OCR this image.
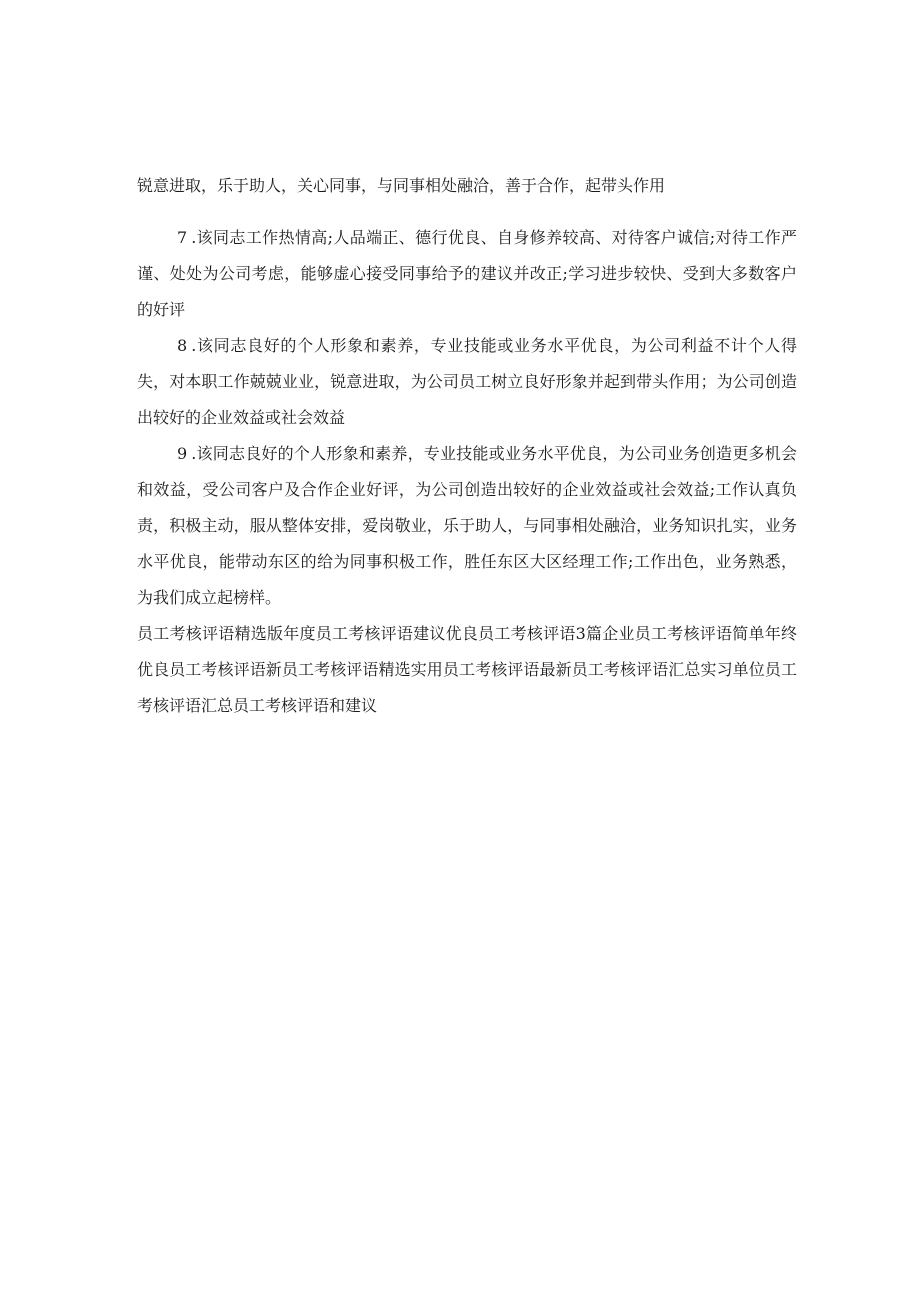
锐意进取，乐于助人，关心同事，与同事相处融洽，善于合作，起带头作用

7.该同志工作热情高;人品端正、德行优良、自身修养较高、对待客户诚信;对待工作严谨、处处为公司考虑，能够虚心接受同事给予的建议并改正;学习进步较快、受到大多数客户的好评

8.该同志良好的个人形象和素养，专业技能或业务水平优良，为公司利益不计个人得失，对本职工作兢兢业业，锐意进取，为公司员工树立良好形象并起到带头作用；为公司创造出较好的企业效益或社会效益

9.该同志良好的个人形象和素养，专业技能或业务水平优良，为公司业务创造更多机会和效益，受公司客户及合作企业好评，为公司创造出较好的企业效益或社会效益;工作认真负责，积极主动，服从整体安排，爱岗敬业，乐于助人，与同事相处融洽，业务知识扎实，业务水平优良，能带动东区的给为同事积极工作，胜任东区大区经理工作;工作出色，业务熟悉，为我们成立起榜样。

员工考核评语精选版年度员工考核评语建议优良员工考核评语3篇企业员工考核评语简单年终优良员工考核评语新员工考核评语精选实用员工考核评语最新员工考核评语汇总实习单位员工考核评语汇总员工考核评语和建议
